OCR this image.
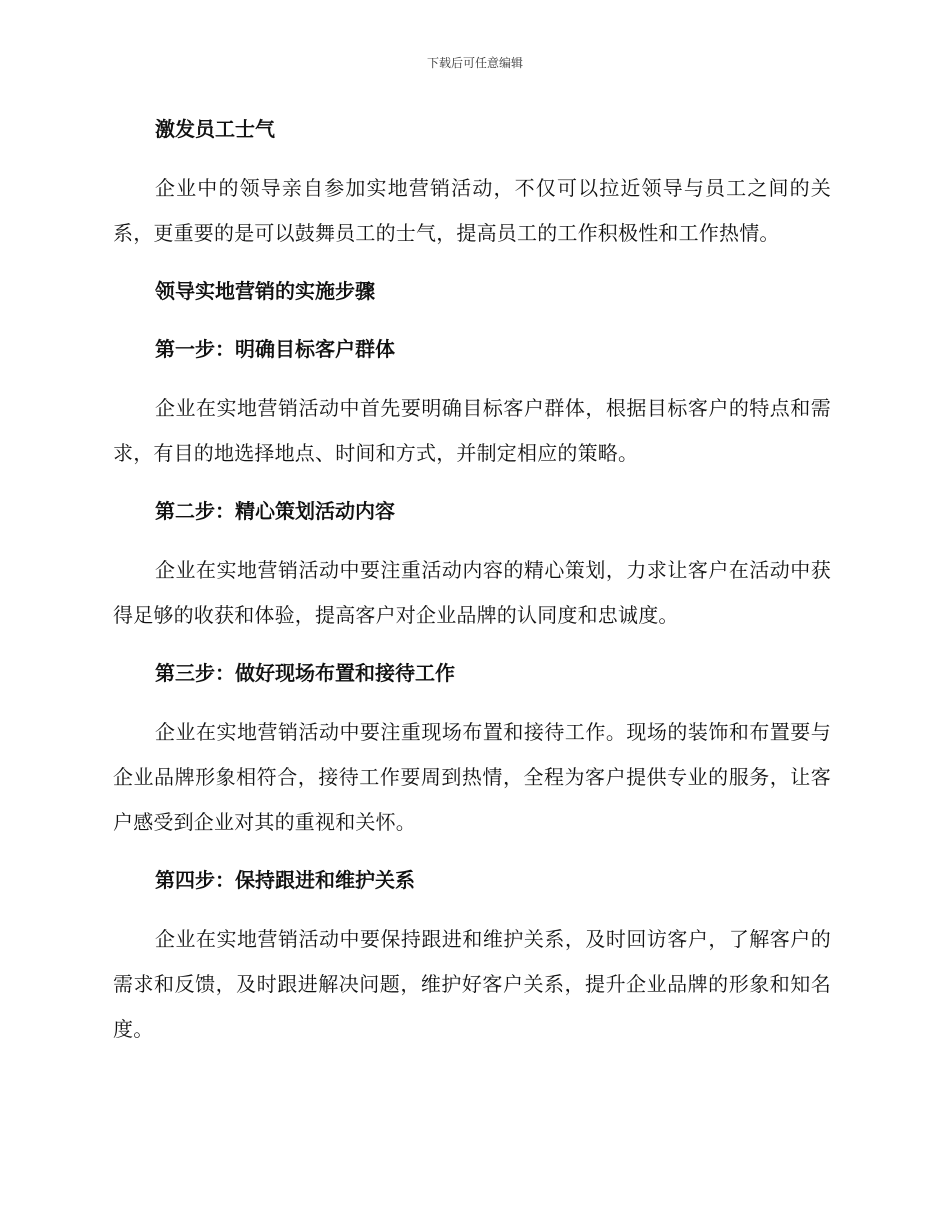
下载后可任意编辑
激发员工士气

企业中的领导亲自参加实地营销活动，不仅可以拉近领导与员工之间的关系，更重要的是可以鼓舞员工的士气，提高员工的工作积极性和工作热情。

领导实地营销的实施步骤
第一步：明确目标客户群体

企业在实地营销活动中首先要明确目标客户群体，根据目标客户的特点和需求，有目的地选择地点、时间和方式，并制定相应的策略。

第二步：精心策划活动内容

企业在实地营销活动中要注重活动内容的精心策划，力求让客户在活动中获得足够的收获和体验，提高客户对企业品牌的认同度和忠诚度。

第三步：做好现场布置和接待工作

企业在实地营销活动中要注重现场布置和接待工作。现场的装饰和布置要与企业品牌形象相符合，接待工作要周到热情，全程为客户提供专业的服务，让客户感受到企业对其的重视和关怀。

第四步：保持跟进和维护关系

企业在实地营销活动中要保持跟进和维护关系，及时回访客户，了解客户的需求和反馈，及时跟进解决问题，维护好客户关系，提升企业品牌的形象和知名度。
